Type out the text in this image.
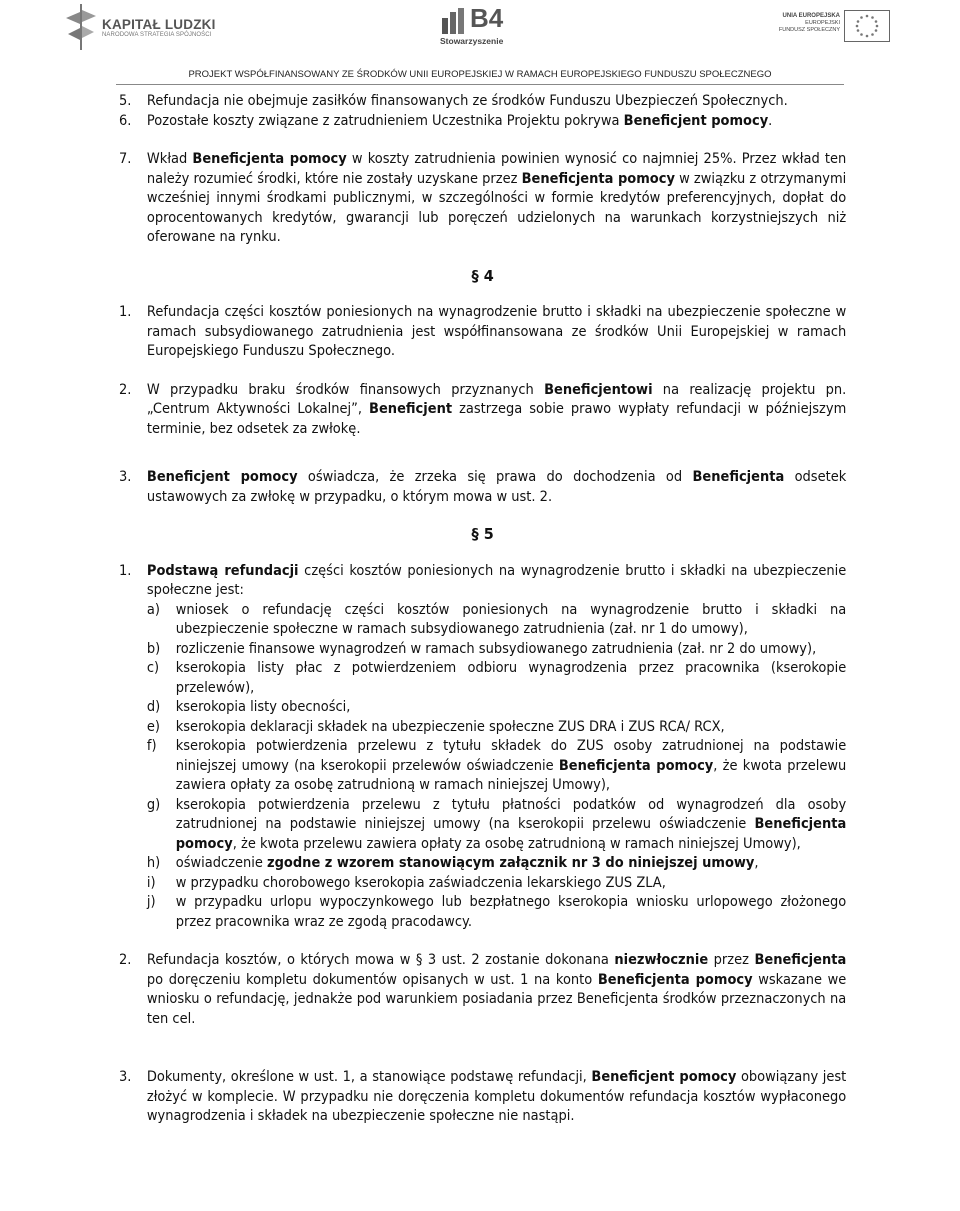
KAPITAŁ LUDZKI
NARODOWA STRATEGIA SPÓJNOŚCI
B4
Stowarzyszenie
UNIA EUROPEJSKA
EUROPEJSKI
FUNDUSZ SPOŁECZNY
PROJEKT WSPÓŁFINANSOWANY ZE ŚRODKÓW UNII EUROPEJSKIEJ W RAMACH EUROPEJSKIEGO FUNDUSZU SPOŁECZNEGO
5.	Refundacja nie obejmuje zasiłków finansowanych ze środków Funduszu Ubezpieczeń Społecznych.
6.	Pozostałe koszty związane z zatrudnieniem Uczestnika Projektu pokrywa Beneficjent pomocy.
7.	Wkład Beneficjenta pomocy w koszty zatrudnienia powinien wynosić co najmniej 25%. Przez wkład ten należy rozumieć środki, które nie zostały uzyskane przez Beneficjenta pomocy w związku z otrzymanymi wcześniej innymi środkami publicznymi, w szczególności w formie kredytów preferencyjnych, dopłat do oprocentowanych kredytów, gwarancji lub poręczeń udzielonych na warunkach korzystniejszych niż oferowane na rynku.
§ 4
1.	Refundacja części kosztów poniesionych na wynagrodzenie brutto i składki na ubezpieczenie społeczne w ramach subsydiowanego zatrudnienia jest współfinansowana ze środków Unii Europejskiej w ramach Europejskiego Funduszu Społecznego.
2.	W przypadku braku środków finansowych przyznanych Beneficjentowi na realizację projektu pn. „Centrum Aktywności Lokalnej”, Beneficjent zastrzega sobie prawo wypłaty refundacji w późniejszym terminie, bez odsetek za zwłokę.
3.	Beneficjent pomocy oświadcza, że zrzeka się prawa do dochodzenia od Beneficjenta odsetek ustawowych za zwłokę w przypadku, o którym mowa w ust. 2.
§ 5
1.	Podstawą refundacji części kosztów poniesionych na wynagrodzenie brutto i składki na ubezpieczenie społeczne jest:
a)	wniosek o refundację części kosztów poniesionych na wynagrodzenie brutto i składki na ubezpieczenie społeczne w ramach subsydiowanego zatrudnienia (zał. nr 1 do umowy),
b)	rozliczenie finansowe wynagrodzeń w ramach subsydiowanego zatrudnienia (zał. nr 2 do umowy),
c)	kserokopia listy płac z potwierdzeniem odbioru wynagrodzenia przez pracownika (kserokopie przelewów),
d)	kserokopia listy obecności,
e)	kserokopia deklaracji składek na ubezpieczenie społeczne ZUS DRA i ZUS RCA/ RCX,
f)	kserokopia potwierdzenia przelewu z tytułu składek do ZUS osoby zatrudnionej na podstawie niniejszej umowy (na kserokopii przelewów oświadczenie Beneficjenta pomocy, że kwota przelewu zawiera opłaty za osobę zatrudnioną w ramach niniejszej Umowy),
g)	kserokopia potwierdzenia przelewu z tytułu płatności podatków od wynagrodzeń dla osoby zatrudnionej na podstawie niniejszej umowy (na kserokopii przelewu oświadczenie Beneficjenta pomocy, że kwota przelewu zawiera opłaty za osobę zatrudnioną w ramach niniejszej Umowy),
h)	oświadczenie zgodne z wzorem stanowiącym załącznik nr 3 do niniejszej umowy,
i)	w przypadku chorobowego kserokopia zaświadczenia lekarskiego ZUS ZLA,
j)	w przypadku urlopu wypoczynkowego lub bezpłatnego kserokopia wniosku urlopowego złożonego przez pracownika wraz ze zgodą pracodawcy.
2.	Refundacja kosztów, o których mowa w § 3 ust. 2 zostanie dokonana niezwłocznie przez Beneficjenta po doręczeniu kompletu dokumentów opisanych w ust. 1 na konto Beneficjenta pomocy wskazane we wniosku o refundację, jednakże pod warunkiem posiadania przez Beneficjenta środków przeznaczonych na ten cel.
3.	Dokumenty, określone w ust. 1, a stanowiące podstawę refundacji, Beneficjent pomocy obowiązany jest złożyć w komplecie. W przypadku nie doręczenia kompletu dokumentów refundacja kosztów wypłaconego wynagrodzenia i składek na ubezpieczenie społeczne nie nastąpi.
